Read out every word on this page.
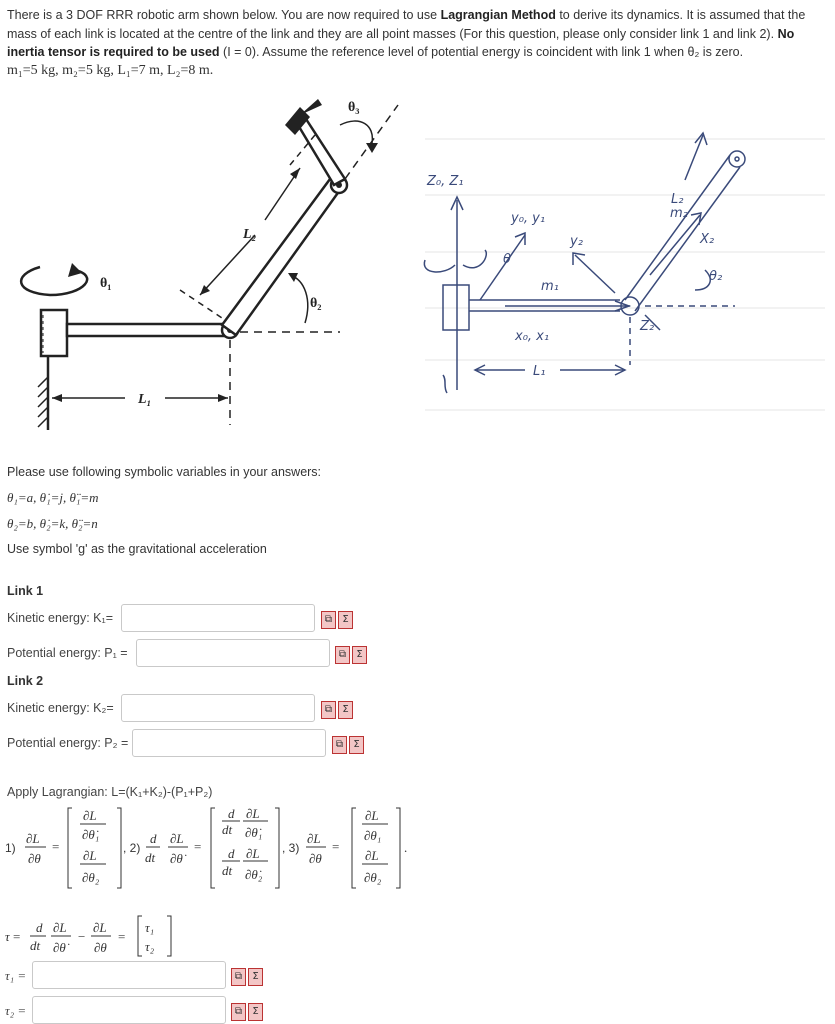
There is a 3 DOF RRR robotic arm shown below. You are now required to use Lagrangian Method to derive its dynamics. It is assumed that the mass of each link is located at the centre of the link and they are all point masses (For this question, please only consider link 1 and link 2). No inertia tensor is required to be used (I = 0). Assume the reference level of potential energy is coincident with link 1 when θ₂ is zero.
m₁=5 kg, m₂=5 kg, L₁=7 m, L₂=8 m.
θ₁
L₁
L₂
θ₂
θ₃
Z₀, Z₁
y₀, y₁
y₂
m₁
m₂
x₀, x₁
X₂
Z₂
L₁
L₂
θ
θ₂
Please use following symbolic variables in your answers:
θ₁=a, θ̇₁=j, θ̈₁=m
θ₂=b, θ̇₂=k, θ̈₂=n
Use symbol 'g' as the gravitational acceleration
Link 1
Kinetic energy: K₁=	⧉	Σ
Potential energy: P₁ =	⧉	Σ
Link 2
Kinetic energy: K₂=	⧉	Σ
Potential energy: P₂ =	⧉	Σ
Apply Lagrangian: L=(K₁+K₂)-(P₁+P₂)
1)
∂L
∂θ
=
∂L
∂θ̇₁
∂L
∂θ₂
, 2)
d
dt
∂L
∂θ̇
=
d
dt
∂L
∂θ̇₁
d
dt
∂L
∂θ̇₂
, 3)
∂L
∂θ
=
∂L
∂θ₁
∂L
∂θ₂
.
τ =
d
dt
∂L
∂θ̇
−
∂L
∂θ
=
τ₁
τ₂
τ₁ =	⧉	Σ
τ₂ =	⧉	Σ
